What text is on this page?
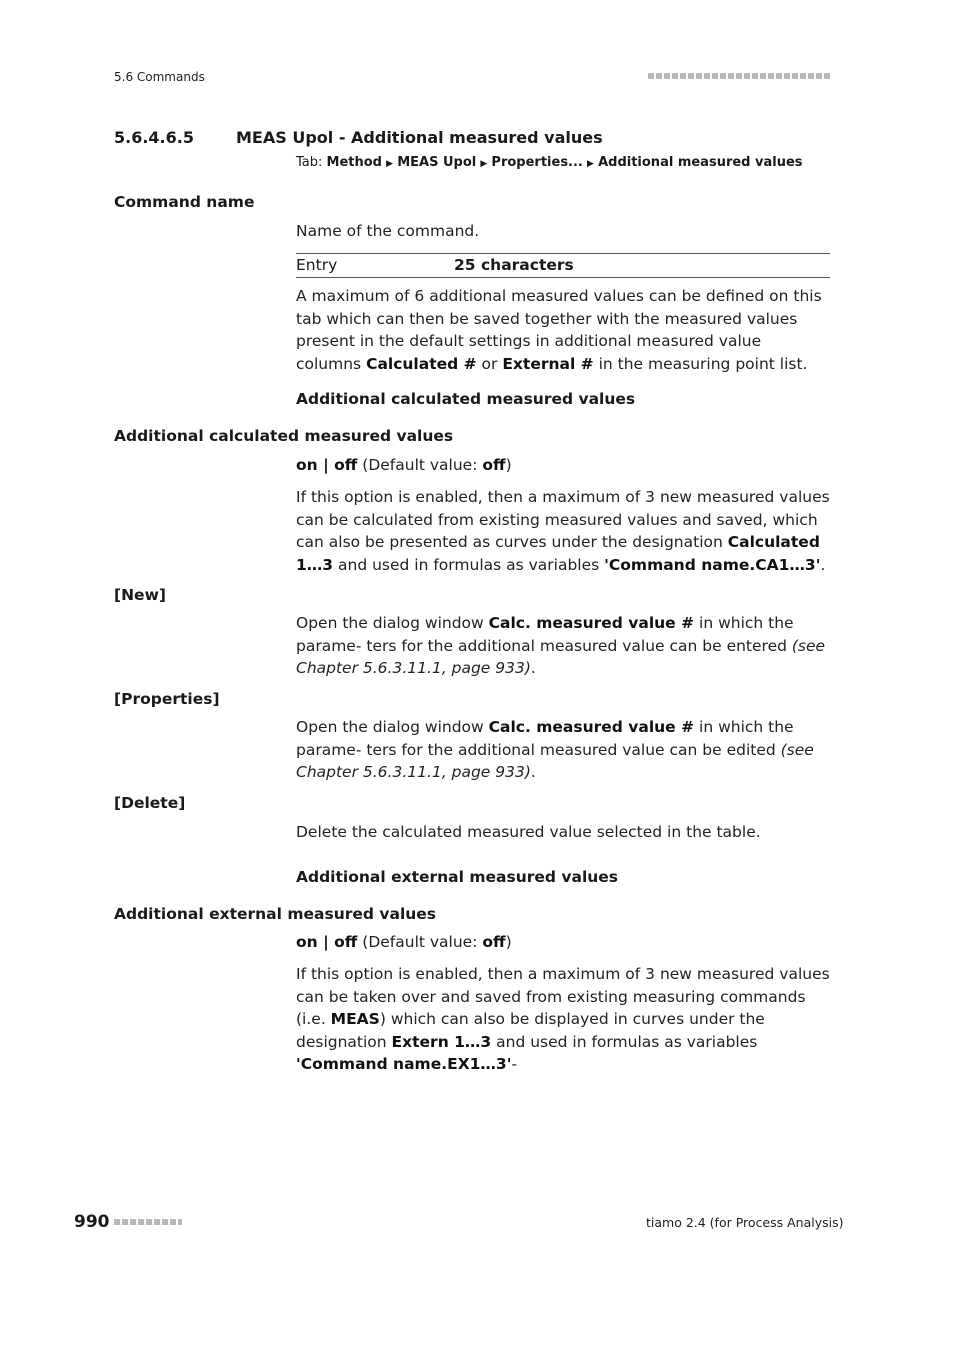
5.6 Commands
5.6.4.6.5	MEAS Upol - Additional measured values
Tab: Method ▶ MEAS Upol ▶ Properties... ▶ Additional measured values
Command name
Name of the command.
Entry	25 characters
A maximum of 6 additional measured values can be defined on this tab which can then be saved together with the measured values present in the default settings in additional measured value columns Calculated # or External # in the measuring point list.
Additional calculated measured values
Additional calculated measured values
on | off (Default value: off)
If this option is enabled, then a maximum of 3 new measured values can be calculated from existing measured values and saved, which can also be presented as curves under the designation Calculated 1…3 and used in formulas as variables 'Command name.CA1…3'.
[New]
Open the dialog window Calc. measured value # in which the parame- ters for the additional measured value can be entered (see Chapter 5.6.3.11.1, page 933).
[Properties]
Open the dialog window Calc. measured value # in which the parame- ters for the additional measured value can be edited (see Chapter 5.6.3.11.1, page 933).
[Delete]
Delete the calculated measured value selected in the table.
Additional external measured values
Additional external measured values
on | off (Default value: off)
If this option is enabled, then a maximum of 3 new measured values can be taken over and saved from existing measuring commands (i.e. MEAS) which can also be displayed in curves under the designation Extern 1…3 and used in formulas as variables 'Command name.EX1…3'-
990	tiamo 2.4 (for Process Analysis)
